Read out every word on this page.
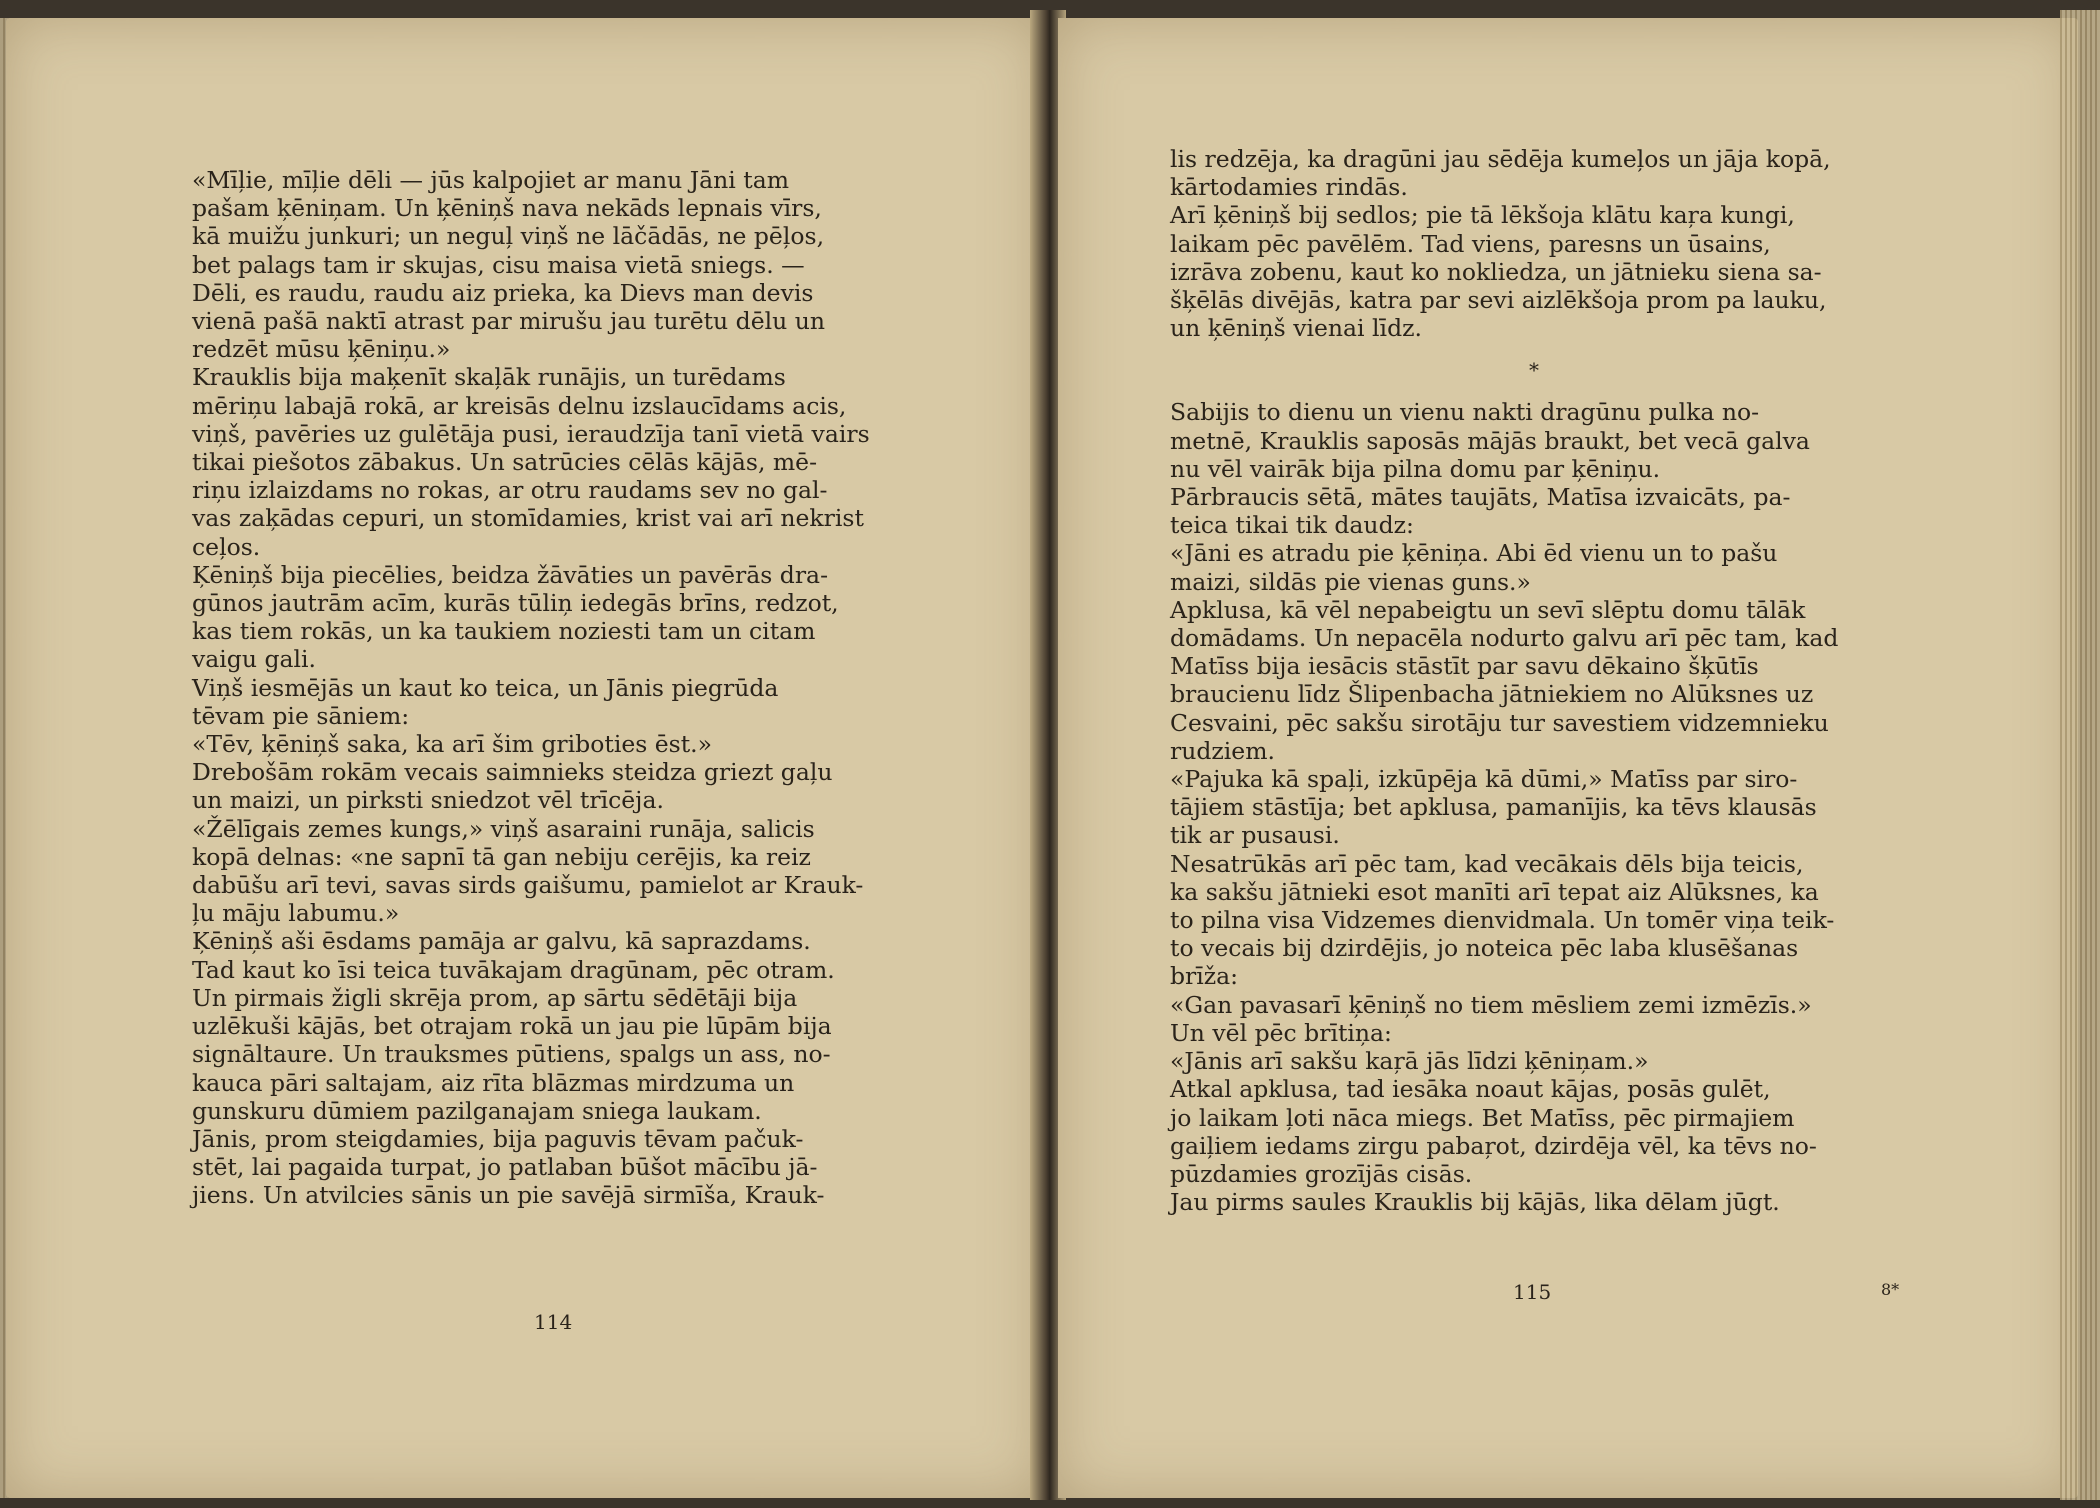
«Mīļie, mīļie dēli — jūs kalpojiet ar manu Jāni tam
pašam ķēniņam. Un ķēniņš nava nekāds lepnais vīrs,
kā muižu junkuri; un neguļ viņš ne lāčādās, ne pēļos,
bet palags tam ir skujas, cisu maisa vietā sniegs. —
Dēli, es raudu, raudu aiz prieka, ka Dievs man devis
vienā pašā naktī atrast par mirušu jau turētu dēlu un
redzēt mūsu ķēniņu.»
Krauklis bija maķenīt skaļāk runājis, un turēdams
mēriņu labajā rokā, ar kreisās delnu izslaucīdams acis,
viņš, pavēries uz gulētāja pusi, ieraudzīja tanī vietā vairs
tikai piešotos zābakus. Un satrūcies cēlās kājās, mē-
riņu izlaizdams no rokas, ar otru raudams sev no gal-
vas zaķādas cepuri, un stomīdamies, krist vai arī nekrist
ceļos.
Ķēniņš bija piecēlies, beidza žāvāties un pavērās dra-
gūnos jautrām acīm, kurās tūliņ iedegās brīns, redzot,
kas tiem rokās, un ka taukiem noziesti tam un citam
vaigu gali.
Viņš iesmējās un kaut ko teica, un Jānis piegrūda
tēvam pie sāniem:
«Tēv, ķēniņš saka, ka arī šim griboties ēst.»
Drebošām rokām vecais saimnieks steidza griezt gaļu
un maizi, un pirksti sniedzot vēl trīcēja.
«Žēlīgais zemes kungs,» viņš asaraini runāja, salicis
kopā delnas: «ne sapnī tā gan nebiju cerējis, ka reiz
dabūšu arī tevi, savas sirds gaišumu, pamielot ar Krauk-
ļu māju labumu.»
Ķēniņš aši ēsdams pamāja ar galvu, kā saprazdams.
Tad kaut ko īsi teica tuvākajam dragūnam, pēc otram.
Un pirmais žigli skrēja prom, ap sārtu sēdētāji bija
uzlēkuši kājās, bet otrajam rokā un jau pie lūpām bija
signāltaure. Un trauksmes pūtiens, spalgs un ass, no-
kauca pāri saltajam, aiz rīta blāzmas mirdzuma un
gunskuru dūmiem pazilganajam sniega laukam.
Jānis, prom steigdamies, bija paguvis tēvam pačuk-
stēt, lai pagaida turpat, jo patlaban būšot mācību jā-
jiens. Un atvilcies sānis un pie savējā sirmīša, Krauk-
114
lis redzēja, ka dragūni jau sēdēja kumeļos un jāja kopā,
kārtodamies rindās.
Arī ķēniņš bij sedlos; pie tā lēkšoja klātu kaŗa kungi,
laikam pēc pavēlēm. Tad viens, paresns un ūsains,
izrāva zobenu, kaut ko nokliedza, un jātnieku siena sa-
šķēlās divējās, katra par sevi aizlēkšoja prom pa lauku,
un ķēniņš vienai līdz.
*
Sabijis to dienu un vienu nakti dragūnu pulka no-
metnē, Krauklis saposās mājās braukt, bet vecā galva
nu vēl vairāk bija pilna domu par ķēniņu.
Pārbraucis sētā, mātes taujāts, Matīsa izvaicāts, pa-
teica tikai tik daudz:
«Jāni es atradu pie ķēniņa. Abi ēd vienu un to pašu
maizi, sildās pie vienas guns.»
Apklusa, kā vēl nepabeigtu un sevī slēptu domu tālāk
domādams. Un nepacēla nodurto galvu arī pēc tam, kad
Matīss bija iesācis stāstīt par savu dēkaino šķūtīs
braucienu līdz Šlipenbacha jātniekiem no Alūksnes uz
Cesvaini, pēc sakšu sirotāju tur savestiem vidzemnieku
rudziem.
«Pajuka kā spaļi, izkūpēja kā dūmi,» Matīss par siro-
tājiem stāstīja; bet apklusa, pamanījis, ka tēvs klausās
tik ar pusausi.
Nesatrūkās arī pēc tam, kad vecākais dēls bija teicis,
ka sakšu jātnieki esot manīti arī tepat aiz Alūksnes, ka
to pilna visa Vidzemes dienvidmala. Un tomēr viņa teik-
to vecais bij dzirdējis, jo noteica pēc laba klusēšanas
brīža:
«Gan pavasarī ķēniņš no tiem mēsliem zemi izmēzīs.»
Un vēl pēc brītiņa:
«Jānis arī sakšu kaŗā jās līdzi ķēniņam.»
Atkal apklusa, tad iesāka noaut kājas, posās gulēt,
jo laikam ļoti nāca miegs. Bet Matīss, pēc pirmajiem
gaiļiem iedams zirgu pabaŗot, dzirdēja vēl, ka tēvs no-
pūzdamies grozījās cisās.
Jau pirms saules Krauklis bij kājās, lika dēlam jūgt.
115	8*
